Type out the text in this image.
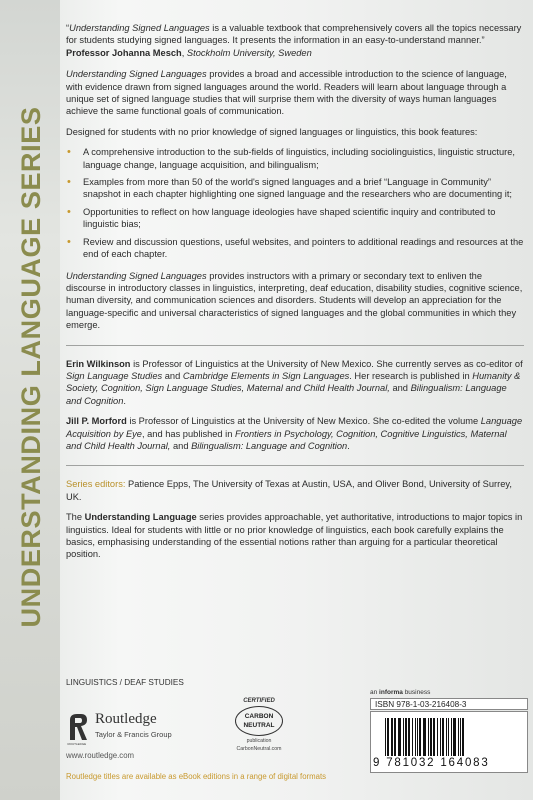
UNDERSTANDING LANGUAGE SERIES

“Understanding Signed Languages is a valuable textbook that comprehensively covers all the topics necessary for students studying signed languages. It presents the information in an easy-to-understand manner.”
Professor Johanna Mesch, Stockholm University, Sweden

Understanding Signed Languages provides a broad and accessible introduction to the science of language, with evidence drawn from signed languages around the world. Readers will learn about language through a unique set of signed language studies that will surprise them with the diversity of ways human languages achieve the same functional goals of communication.

Designed for students with no prior knowledge of signed languages or linguistics, this book features:

• A comprehensive introduction to the sub-fields of linguistics, including sociolinguistics, linguistic structure, language change, language acquisition, and bilingualism;
• Examples from more than 50 of the world's signed languages and a brief “Language in Community” snapshot in each chapter highlighting one signed language and the researchers who are documenting it;
• Opportunities to reflect on how language ideologies have shaped scientific inquiry and contributed to linguistic bias;
• Review and discussion questions, useful websites, and pointers to additional readings and resources at the end of each chapter.

Understanding Signed Languages provides instructors with a primary or secondary text to enliven the discourse in introductory classes in linguistics, interpreting, deaf education, disability studies, cognitive science, human diversity, and communication sciences and disorders. Students will develop an appreciation for the language-specific and universal characteristics of signed languages and the global communities in which they emerge.

Erin Wilkinson is Professor of Linguistics at the University of New Mexico. She currently serves as co-editor of Sign Language Studies and Cambridge Elements in Sign Languages. Her research is published in Humanity & Society, Cognition, Sign Language Studies, Maternal and Child Health Journal, and Bilingualism: Language and Cognition.

Jill P. Morford is Professor of Linguistics at the University of New Mexico. She co-edited the volume Language Acquisition by Eye, and has published in Frontiers in Psychology, Cognition, Cognitive Linguistics, Maternal and Child Health Journal, and Bilingualism: Language and Cognition.

Series editors: Patience Epps, The University of Texas at Austin, USA, and Oliver Bond, University of Surrey, UK.

The Understanding Language series provides approachable, yet authoritative, introductions to major topics in linguistics. Ideal for students with little or no prior knowledge of linguistics, each book carefully explains the basics, emphasising understanding of the essential notions rather than arguing for a particular theoretical position.

LINGUISTICS / DEAF STUDIES
ROUTLEDGE
Routledge
Taylor & Francis Group
www.routledge.com
CERTIFIED
CARBON
NEUTRAL
publication
CarbonNeutral.com
an informa business
ISBN 978-1-03-216408-3
9 781032 164083
Routledge titles are available as eBook editions in a range of digital formats
